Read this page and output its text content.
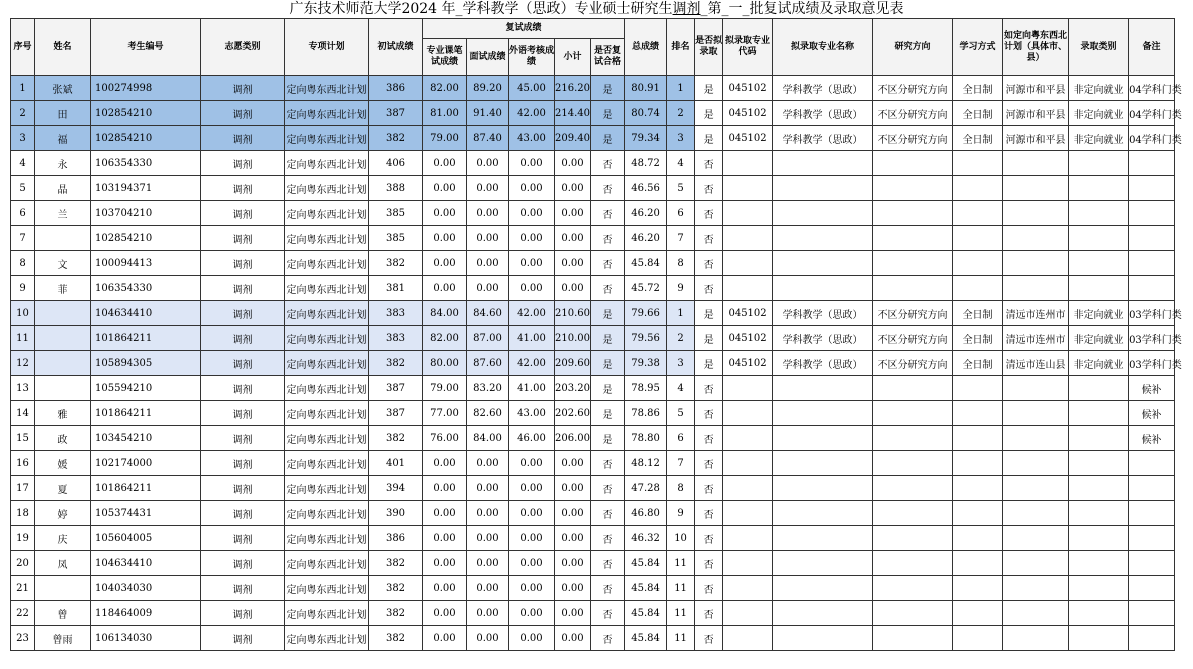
广东技术师范大学2024 年_学科教学（思政）专业硕士研究生调剂_第_一_批复试成绩及录取意见表
序号	姓名	考生编号	志愿类别	专项计划	初试成绩	复试成绩					总成绩	排名	是否拟录取	拟录取专业代码	拟录取专业名称	研究方向	学习方式	如定向粤东西北计划（具体市、县）	录取类别	备注
						专业课笔试成绩	面试成绩	外语考核成绩	小计	是否复试合格										
1	张斌	100274998	调剂	定向粤东西北计划	386	82.00	89.20	45.00	216.20	是	80.91	1	是	045102	学科教学（思政）	不区分研究方向	全日制	河源市和平县	非定向就业	04学科门类
2	田	102854210	调剂	定向粤东西北计划	387	81.00	91.40	42.00	214.40	是	80.74	2	是	045102	学科教学（思政）	不区分研究方向	全日制	河源市和平县	非定向就业	04学科门类
3	福	102854210	调剂	定向粤东西北计划	382	79.00	87.40	43.00	209.40	是	79.34	3	是	045102	学科教学（思政）	不区分研究方向	全日制	河源市和平县	非定向就业	04学科门类
4	永	106354330	调剂	定向粤东西北计划	406	0.00	0.00	0.00	0.00	否	48.72	4	否							
5	晶	103194371	调剂	定向粤东西北计划	388	0.00	0.00	0.00	0.00	否	46.56	5	否							
6	兰	103704210	调剂	定向粤东西北计划	385	0.00	0.00	0.00	0.00	否	46.20	6	否							
7		102854210	调剂	定向粤东西北计划	385	0.00	0.00	0.00	0.00	否	46.20	7	否							
8	文	100094413	调剂	定向粤东西北计划	382	0.00	0.00	0.00	0.00	否	45.84	8	否							
9	菲	106354330	调剂	定向粤东西北计划	381	0.00	0.00	0.00	0.00	否	45.72	9	否							
10		104634410	调剂	定向粤东西北计划	383	84.00	84.60	42.00	210.60	是	79.66	1	是	045102	学科教学（思政）	不区分研究方向	全日制	清远市连州市	非定向就业	03学科门类
11		101864211	调剂	定向粤东西北计划	383	82.00	87.00	41.00	210.00	是	79.56	2	是	045102	学科教学（思政）	不区分研究方向	全日制	清远市连州市	非定向就业	03学科门类
12		105894305	调剂	定向粤东西北计划	382	80.00	87.60	42.00	209.60	是	79.38	3	是	045102	学科教学（思政）	不区分研究方向	全日制	清远市连山县	非定向就业	03学科门类
13		105594210	调剂	定向粤东西北计划	387	79.00	83.20	41.00	203.20	是	78.95	4	否							候补
14	雅	101864211	调剂	定向粤东西北计划	387	77.00	82.60	43.00	202.60	是	78.86	5	否							候补
15	政	103454210	调剂	定向粤东西北计划	382	76.00	84.00	46.00	206.00	是	78.80	6	否							候补
16	媛	102174000	调剂	定向粤东西北计划	401	0.00	0.00	0.00	0.00	否	48.12	7	否							
17	夏	101864211	调剂	定向粤东西北计划	394	0.00	0.00	0.00	0.00	否	47.28	8	否							
18	婷	105374431	调剂	定向粤东西北计划	390	0.00	0.00	0.00	0.00	否	46.80	9	否							
19	庆	105604005	调剂	定向粤东西北计划	386	0.00	0.00	0.00	0.00	否	46.32	10	否							
20	凤	104634410	调剂	定向粤东西北计划	382	0.00	0.00	0.00	0.00	否	45.84	11	否							
21		104034030	调剂	定向粤东西北计划	382	0.00	0.00	0.00	0.00	否	45.84	11	否							
22	曾	118464009	调剂	定向粤东西北计划	382	0.00	0.00	0.00	0.00	否	45.84	11	否							
23	曾雨	106134030	调剂	定向粤东西北计划	382	0.00	0.00	0.00	0.00	否	45.84	11	否							
